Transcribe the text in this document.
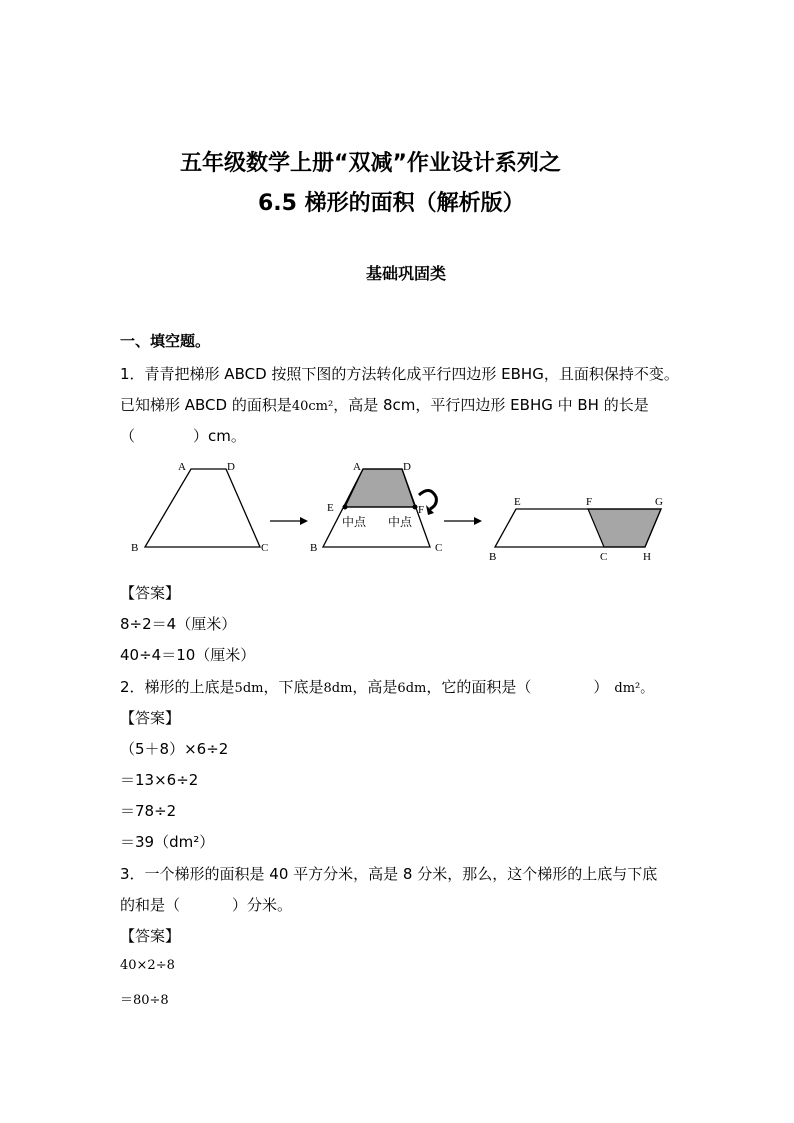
五年级数学上册“双减”作业设计系列之
6.5 梯形的面积（解析版）
基础巩固类
一、填空题。
1．青青把梯形 ABCD 按照下图的方法转化成平行四边形 EBHG，且面积保持不变。
已知梯形 ABCD 的面积是40cm²，高是 8cm，平行四边形 EBHG 中 BH 的长是
（	）cm。
A	D
B	C
A	D
E	F
B	C
中点 中点
E	F	G
B	C	H
【答案】
8÷2＝4（厘米）
40÷4＝10（厘米）
2．梯形的上底是5dm，下底是8dm，高是6dm，它的面积是（	） dm²。
【答案】
（5＋8）×6÷2
＝13×6÷2
＝78÷2
＝39（dm²）
3．一个梯形的面积是 40 平方分米，高是 8 分米，那么，这个梯形的上底与下底
的和是（	）分米。
【答案】
40×2÷8
＝80÷8
